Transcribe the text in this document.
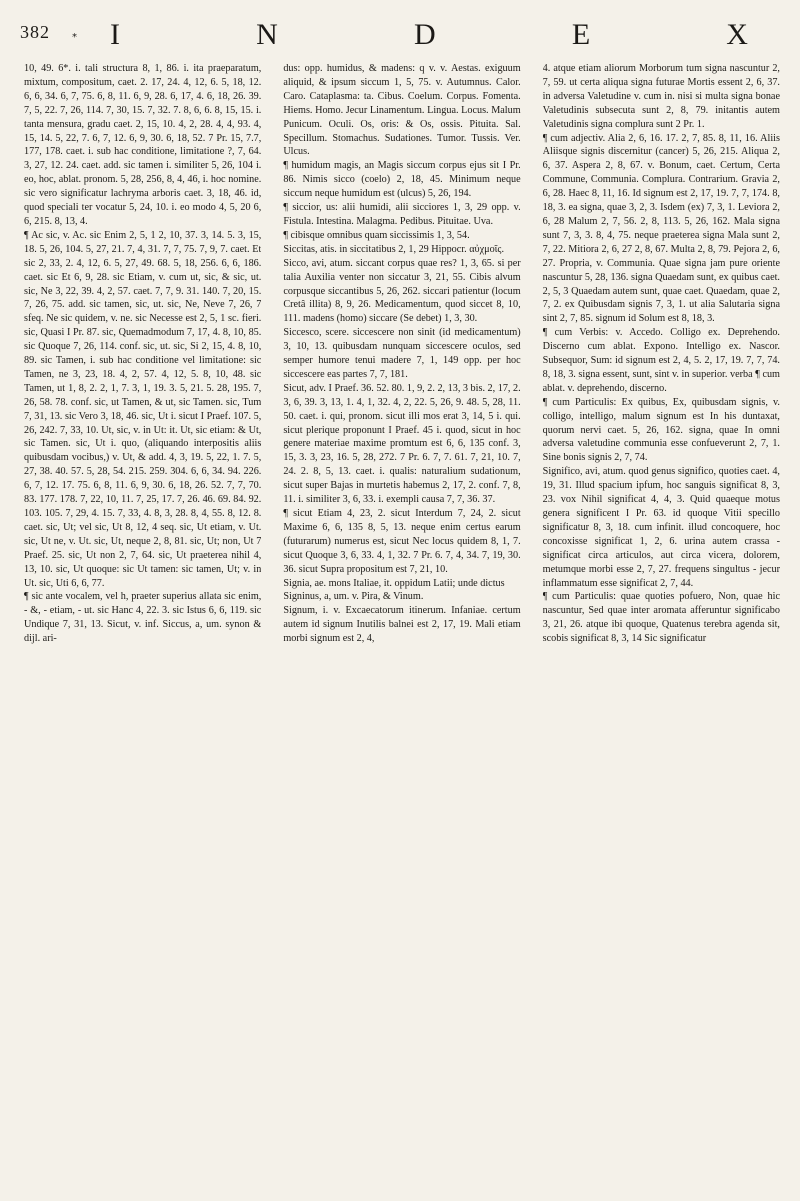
382 * I	N	D	E	X

10, 49. 6*. i. tali structura 8, 1, 86. i. ita praeparatum, mixtum, compositum, caet. 2. 17, 24. 4, 12, 6. 5, 18, 12. 6, 6, 34. 6, 7, 75. 6, 8, 11. 6, 9, 28. 6, 17, 4. 6, 18, 26. 39. 7, 5, 22. 7, 26, 114. 7, 30, 15. 7, 32. 7. 8, 6, 6. 8, 15, 15. i. tanta mensura, gradu caet. 2, 15, 10. 4, 2, 28. 4, 4, 93. 4, 15, 14. 5, 22, 7. 6, 7, 12. 6, 9, 30. 6, 18, 52. 7 Pr. 15, 7.7, 177, 178. caet. i. sub hac conditione, limitatione ?, 7, 64. 3, 27, 12. 24. caet. add. sic tamen i. similiter 5, 26, 104 i. eo, hoc, ablat. pronom. 5, 28, 256, 8, 4, 46, i. hoc nomine. sic vero significatur lachryma arboris caet. 3, 18, 46. id, quod speciali ter vocatur 5, 24, 10. i. eo modo 4, 5, 20 6, 6, 215. 8, 13, 4.

¶ Ac sic, v. Ac. sic Enim 2, 5, 1 2, 10, 37. 3, 14. 5. 3, 15, 18. 5, 26, 104. 5, 27, 21. 7, 4, 31. 7, 7, 75. 7, 9, 7. caet. Et sic 2, 33, 2. 4, 12, 6. 5, 27, 49. 68. 5, 18, 256. 6, 6, 186. caet. sic Et 6, 9, 28. sic Etiam, v. cum ut, sic, & sic, ut. sic, Ne 3, 22, 39. 4, 2, 57. caet. 7, 7, 9. 31. 140. 7, 20, 15. 7, 26, 75. add. sic tamen, sic, ut. sic, Ne, Neve 7, 26, 7 sfeq. Ne sic quidem, v. ne. sic Necesse est 2, 5, 1 sc. fieri. sic, Quasi I Pr. 87. sic, Quemadmodum 7, 17, 4. 8, 10, 85. sic Quoque 7, 26, 114. conf. sic, ut. sic, Si 2, 15, 4. 8, 10, 89. sic Tamen, i. sub hac conditione vel limitatione: sic Tamen, ne 3, 23, 18. 4, 2, 57. 4, 12, 5. 8, 10, 48. sic Tamen, ut 1, 8, 2. 2, 1, 7. 3, 1, 19. 3. 5, 21. 5. 28, 195. 7, 26, 58. 78. conf. sic, ut Tamen, & ut, sic Tamen. sic, Tum 7, 31, 13. sic Vero 3, 18, 46. sic, Ut i. sicut I Praef. 107. 5, 26, 242. 7, 33, 10. Ut, sic, v. in Ut: it. Ut, sic etiam: & Ut, sic Tamen. sic, Ut i. quo, (aliquando interpositis aliis quibusdam vocibus,) v. Ut, & add. 4, 3, 19. 5, 22, 1. 7. 5, 27, 38. 40. 57. 5, 28, 54. 215. 259. 304. 6, 6, 34. 94. 226. 6, 7, 12. 17. 75. 6, 8, 11. 6, 9, 30. 6, 18, 26. 52. 7, 7, 70. 83. 177. 178. 7, 22, 10, 11. 7, 25, 17. 7, 26. 46. 69. 84. 92. 103. 105. 7, 29, 4. 15. 7, 33, 4. 8, 3, 28. 8, 4, 55. 8, 12. 8. caet. sic, Ut; vel sic, Ut 8, 12, 4 seq. sic, Ut etiam, v. Ut. sic, Ut ne, v. Ut. sic, Ut, neque 2, 8, 81. sic, Ut; non, Ut 7 Praef. 25. sic, Ut non 2, 7, 64. sic, Ut praeterea nihil 4, 13, 10. sic, Ut quoque: sic Ut tamen: sic tamen, Ut; v. in Ut. sic, Uti 6, 6, 77.

¶ sic ante vocalem, vel h, praeter superius allata sic enim, - &, - etiam, - ut. sic Hanc 4, 22. 3. sic Istus 6, 6, 119. sic Undique 7, 31, 13. Sicut, v. inf. Siccus, a, um. synon & dijl. ari-

dus: opp. humidus, & madens: q v. v. Aestas. exiguum aliquid, & ipsum siccum 1, 5, 75. v. Autumnus. Calor. Caro. Cataplasma: ta. Cibus. Coelum. Corpus. Fomenta. Hiems. Homo. Jecur Linamentum. Lingua. Locus. Malum Punicum. Oculi. Os, oris: & Os, ossis. Pituita. Sal. Specillum. Stomachus. Sudationes. Tumor. Tussis. Ver. Ulcus.

¶ humidum magis, an Magis siccum corpus ejus sit I Pr. 86. Nimis sicco (coelo) 2, 18, 45. Minimum neque siccum neque humidum est (ulcus) 5, 26, 194.

¶ siccior, us: alii humidi, alii sicciores 1, 3, 29 opp. v. Fistula. Intestina. Malagma. Pedibus. Pituitae. Uva.

¶ cibisque omnibus quam siccissimis 1, 3, 54.

Siccitas, atis. in siccitatibus 2, 1, 29 Hippocr. αὐχμοῖς.

Sicco, avi, atum. siccant corpus quae res? 1, 3, 65. si per talia Auxilia venter non siccatur 3, 21, 55. Cibis alvum corpusque siccantibus 5, 26, 262. siccari patientur (locum Cretâ illita) 8, 9, 26. Medicamentum, quod siccet 8, 10, 111. madens (homo) siccare (Se debet) 1, 3, 30.

Siccesco, scere. siccescere non sinit (id medicamentum) 3, 10, 13. quibusdam nunquam siccescere oculos, sed semper humore tenui madere 7, 1, 149 opp. per hoc siccescere eas partes 7, 7, 181.

Sicut, adv. I Praef. 36. 52. 80. 1, 9, 2. 2, 13, 3 bis. 2, 17, 2. 3, 6, 39. 3, 13, 1. 4, 1, 32. 4, 2, 22. 5, 26, 9. 48. 5, 28, 11. 50. caet. i. qui, pronom. sicut illi mos erat 3, 14, 5 i. qui. sicut plerique proponunt I Praef. 45 i. quod, sicut in hoc genere materiae maxime promtum est 6, 6, 135 conf. 3, 15, 3. 3, 23, 16. 5, 28, 272. 7 Pr. 6. 7, 7. 61. 7, 21, 10. 7, 24. 2. 8, 5, 13. caet. i. qualis: naturalium sudationum, sicut super Bajas in murtetis habemus 2, 17, 2. conf. 7, 8, 11. i. similiter 3, 6, 33. i. exempli causa 7, 7, 36. 37.

¶ sicut Etiam 4, 23, 2. sicut Interdum 7, 24, 2. sicut Maxime 6, 6, 135 8, 5, 13. neque enim certus earum (futurarum) numerus est, sicut Nec locus quidem 8, 1, 7. sicut Quoque 3, 6, 33. 4, 1, 32. 7 Pr. 6. 7, 4, 34. 7, 19, 30. 36. sicut Supra propositum est 7, 21, 10.

Signia, ae. mons Italiae, it. oppidum Latii; unde dictus

Signinus, a, um. v. Pira, & Vinum.

Signum, i. v. Excaecatorum itinerum. Infaniae. certum autem id signum Inutilis balnei est 2, 17, 19. Mali etiam morbi signum est 2, 4,

4. atque etiam aliorum Morborum tum signa nascuntur 2, 7, 59. ut certa aliqua signa futurae Mortis essent 2, 6, 37. in adversa Valetudine v. cum in. nisi si multa signa bonae Valetudinis subsecuta sunt 2, 8, 79. initantis autem Valetudinis signa complura sunt 2 Pr. 1.

¶ cum adjectiv. Alia 2, 6, 16. 17. 2, 7, 85. 8, 11, 16. Aliis Aliisque signis discernitur (cancer) 5, 26, 215. Aliqua 2, 6, 37. Aspera 2, 8, 67. v. Bonum, caet. Certum, Certa Commune, Communia. Complura. Contrarium. Gravia 2, 6, 28. Haec 8, 11, 16. Id signum est 2, 17, 19. 7, 7, 174. 8, 18, 3. ea signa, quae 3, 2, 3. Isdem (ex) 7, 3, 1. Leviora 2, 6, 28 Malum 2, 7, 56. 2, 8, 113. 5, 26, 162. Mala signa sunt 7, 3, 3. 8, 4, 75. neque praeterea signa Mala sunt 2, 7, 22. Mitiora 2, 6, 27 2, 8, 67. Multa 2, 8, 79. Pejora 2, 6, 27. Propria, v. Communia. Quae signa jam pure oriente nascuntur 5, 28, 136. signa Quaedam sunt, ex quibus caet. 2, 5, 3 Quaedam autem sunt, quae caet. Quaedam, quae 2, 7, 2. ex Quibusdam signis 7, 3, 1. ut alia Salutaria signa sint 2, 7, 85. signum id Solum est 8, 18, 3.

¶ cum Verbis: v. Accedo. Colligo ex. Deprehendo. Discerno cum ablat. Expono. Intelligo ex. Nascor. Subsequor, Sum: id signum est 2, 4, 5. 2, 17, 19. 7, 7, 74. 8, 18, 3. signa essent, sunt, sint v. in superior. verba ¶ cum ablat. v. deprehendo, discerno.

¶ cum Particulis: Ex quibus, Ex, quibusdam signis, v. colligo, intelligo, malum signum est In his duntaxat, quorum nervi caet. 5, 26, 162. signa, quae In omni adversa valetudine communia esse confueverunt 2, 7, 1. Sine bonis signis 2, 7, 74.

Significo, avi, atum. quod genus significo, quoties caet. 4, 19, 31. Illud spacium ipfum, hoc sanguis significat 8, 3, 23. vox Nihil significat 4, 4, 3. Quid quaeque motus genera significent I Pr. 63. id quoque Vitii specillo significatur 8, 3, 18. cum infinit. illud concoquere, hoc concoxisse significat 1, 2, 6. urina autem crassa - significat circa articulos, aut circa vicera, dolorem, metumque morbi esse 2, 7, 27. frequens singultus - jecur inflammatum esse significat 2, 7, 44.

¶ cum Particulis: quae quoties pofuero, Non, quae hic nascuntur, Sed quae inter aromata afferuntur significabo 3, 21, 26. atque ibi quoque, Quatenus terebra agenda sit, scobis significat 8, 3, 14 Sic significatur
